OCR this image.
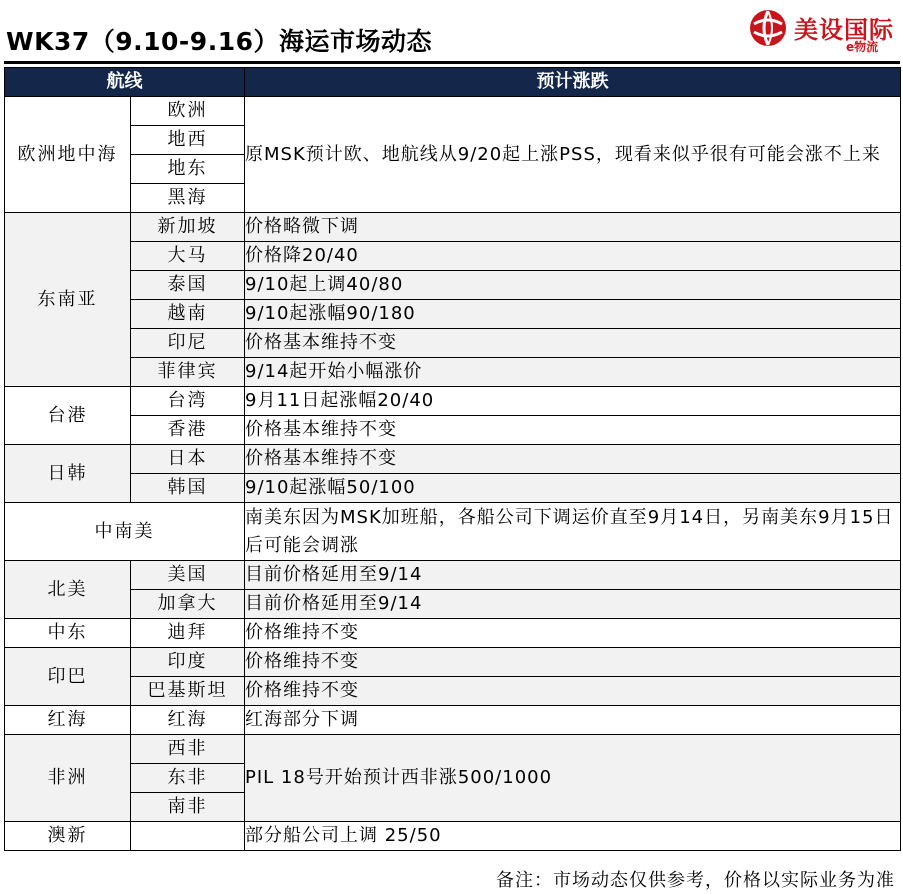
WK37（9.10-9.16）海运市场动态	美设国际
e物流
航线		预计涨跌
欧洲地中海	欧洲	原MSK预计欧、地航线从9/20起上涨PSS，现看来似乎很有可能会涨不上来
	地西	
	地东	
	黑海	
东南亚	新加坡	价格略微下调
	大马	价格降20/40
	泰国	9/10起上调40/80
	越南	9/10起涨幅90/180
	印尼	价格基本维持不变
	菲律宾	9/14起开始小幅涨价
台港	台湾	9月11日起涨幅20/40
	香港	价格基本维持不变
日韩	日本	价格基本维持不变
	韩国	9/10起涨幅50/100
中南美		南美东因为MSK加班船，各船公司下调运价直至9月14日，另南美东9月15日后可能会调涨
北美	美国	目前价格延用至9/14
	加拿大	目前价格延用至9/14
中东	迪拜	价格维持不变
印巴	印度	价格维持不变
	巴基斯坦	价格维持不变
红海	红海	红海部分下调
非洲	西非	PIL 18号开始预计西非涨500/1000
	东非	
	南非	
澳新		部分船公司上调 25/50
备注：市场动态仅供参考，价格以实际业务为准
